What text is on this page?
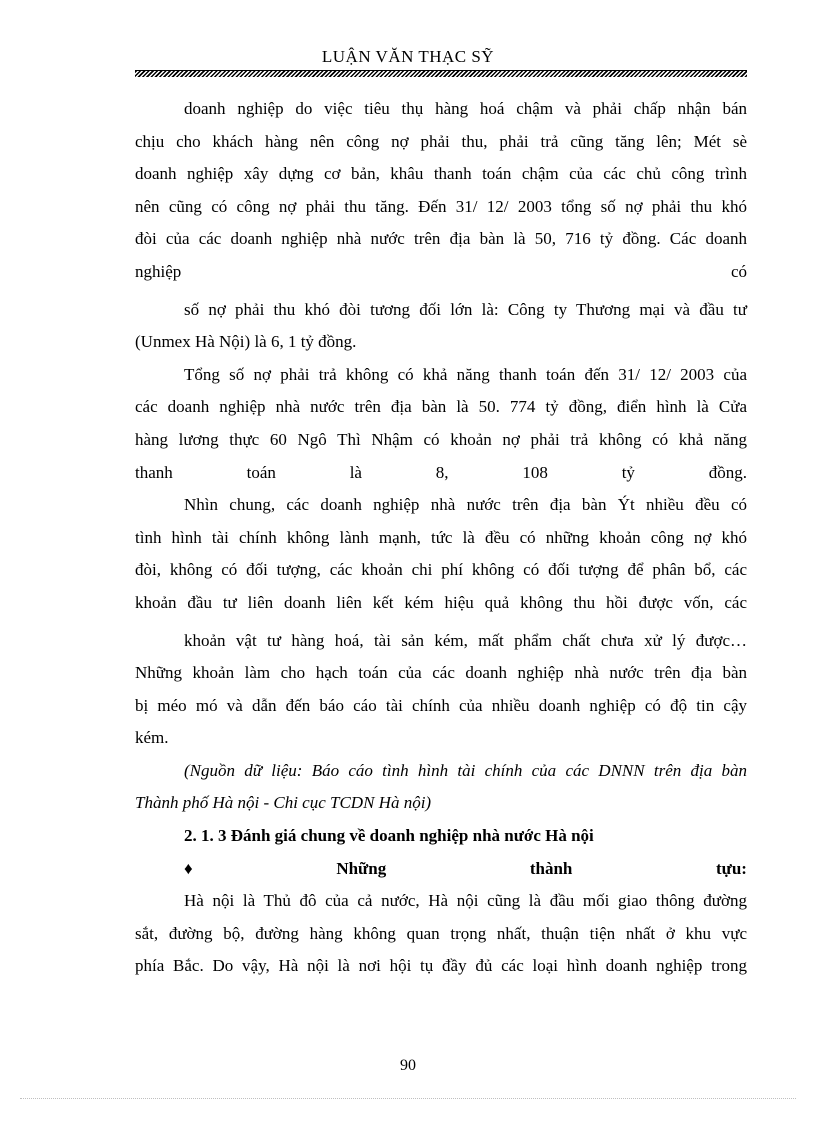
LUẬN VĂN THẠC SỸ
doanh nghiệp do việc tiêu thụ hàng hoá chậm và phải chấp nhận bán
chịu cho khách hàng nên công nợ phải thu, phải trả cũng tăng lên; Mét sè
doanh nghiệp xây dựng cơ bản, khâu thanh toán chậm của các chủ công trình
nên cũng có công nợ phải thu tăng. Đến 31/ 12/ 2003 tổng số nợ phải thu khó
đòi của các doanh nghiệp nhà nước trên địa bàn là 50, 716 tỷ đồng. Các doanh
nghiệp	có
số nợ phải thu khó đòi tương đối lớn là: Công ty Thương mại và đầu tư
(Unmex Hà Nội) là 6, 1 tỷ đồng.
Tổng số nợ phải trả không có khả năng thanh toán đến 31/ 12/ 2003 của
các doanh nghiệp nhà nước trên địa bàn là 50. 774 tỷ đồng, điển hình là Cửa
hàng lương thực 60 Ngô Thì Nhậm có khoản nợ phải trả không có khả năng
thanh toán là 8, 108 tỷ đồng.
Nhìn chung, các doanh nghiệp nhà nước trên địa bàn Ýt nhiều đều có
tình hình tài chính không lành mạnh, tức là đều có những khoản công nợ khó
đòi, không có đối tượng, các khoản chi phí không có đối tượng để phân bổ, các
khoản đầu tư liên doanh liên kết kém hiệu quả không thu hồi được vốn, các
khoản vật tư hàng hoá, tài sản kém, mất phẩm chất chưa xử lý được…
Những khoản làm cho hạch toán của các doanh nghiệp nhà nước trên địa bàn
bị méo mó và dẫn đến báo cáo tài chính của nhiều doanh nghiệp có độ tin cậy
kém.
(Nguồn dữ liệu: Báo cáo tình hình tài chính của các DNNN trên địa bàn
Thành phố Hà nội - Chi cục TCDN Hà nội)
2. 1. 3 Đánh giá chung về doanh nghiệp nhà nước Hà nội
♦	Những	thành	tựu:
Hà nội là Thủ đô của cả nước, Hà nội cũng là đầu mối giao thông đường
sắt, đường bộ, đường hàng không quan trọng nhất, thuận tiện nhất ở khu vực
phía Bắc. Do vậy, Hà nội là nơi hội tụ đầy đủ các loại hình doanh nghiệp trong
90
